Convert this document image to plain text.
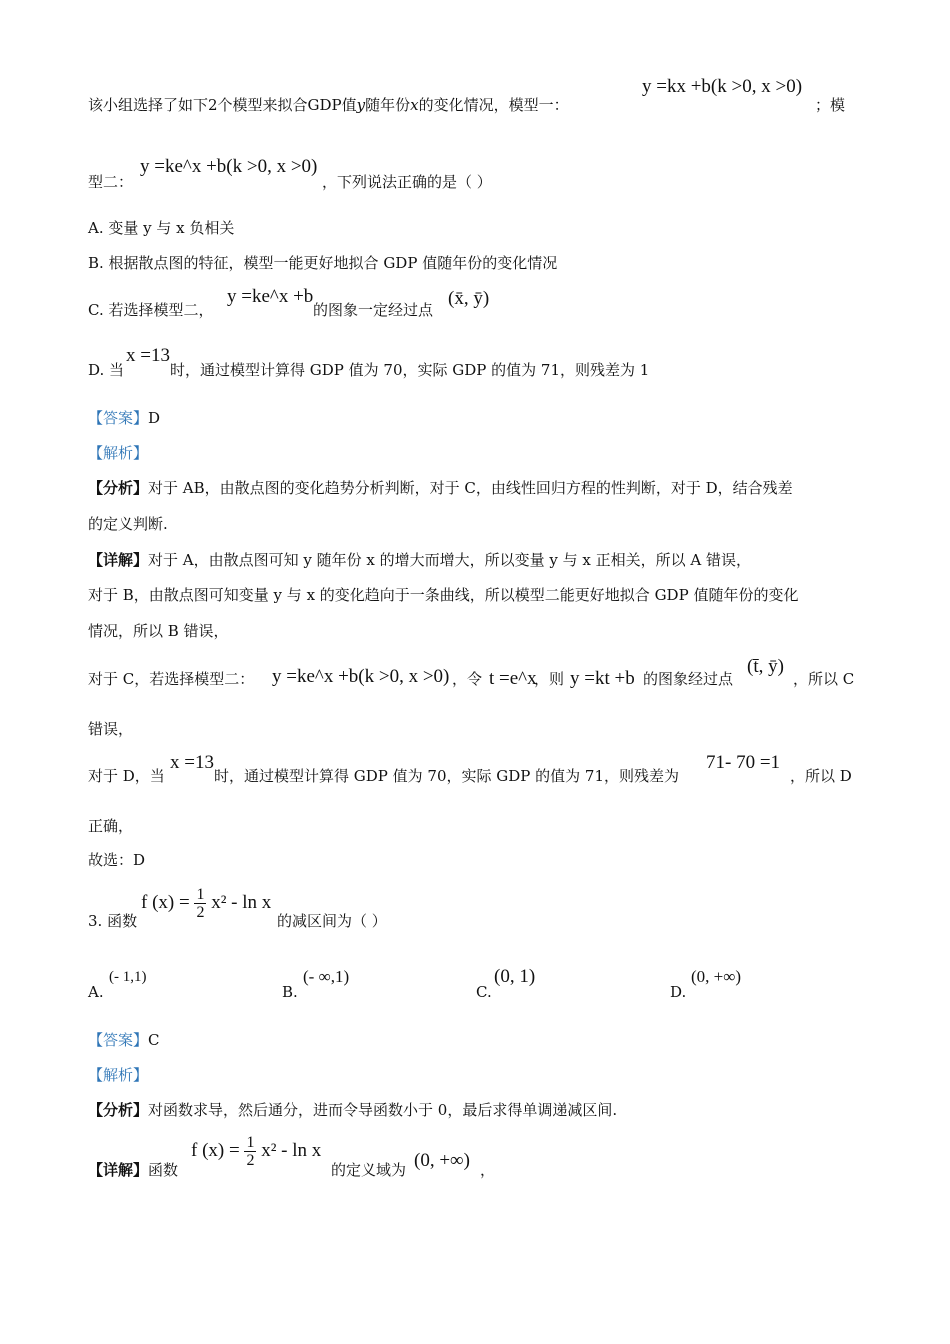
该小组选择了如下2个模型来拟合GDP值y随年份x的变化情况，模型一：
y =kx +b(k >0, x >0)
；模
型二：
y =ke^x +b(k >0, x >0)
，下列说法正确的是（ ）
A. 变量 y 与 x 负相关
B. 根据散点图的特征，模型一能更好地拟合 GDP 值随年份的变化情况
C. 若选择模型二，
y =ke^x +b
的图象一定经过点
(x̄, ȳ)
D. 当
x =13
时，通过模型计算得 GDP 值为 70，实际 GDP 的值为 71，则残差为 1
【答案】D
【解析】
【分析】对于 AB，由散点图的变化趋势分析判断，对于 C，由线性回归方程的性判断，对于 D，结合残差
的定义判断.
【详解】对于 A，由散点图可知 y 随年份 x 的增大而增大，所以变量 y 与 x 正相关，所以 A 错误，
对于 B，由散点图可知变量 y 与 x 的变化趋向于一条曲线，所以模型二能更好地拟合 GDP 值随年份的变化
情况，所以 B 错误，
对于 C，若选择模型二： y =ke^x +b(k >0, x >0) ，令 t =e^x
，则 y =kt +b 的图象经过点
(t̄, ȳ)
，所以 C
错误，
对于 D，当
x =13
时，通过模型计算得 GDP 值为 70，实际 GDP 的值为 71，则残差为
71- 70 =1
，所以 D
正确，
故选：D
3. 函数
f $(x) = \frac{1}{2} x^2 - \ln x$
的减区间为（ ）
A.
(- 1,1)
B.
(- ∞,1)
C.
(0, 1)
D.
(0, +∞)
【答案】C
【解析】
【分析】对函数求导，然后通分，进而令导函数小于 0，最后求得单调递减区间.
【详解】函数
f $(x) = \frac{1}{2} x^2 - \ln x$
的定义域为 (0, +∞) ，
